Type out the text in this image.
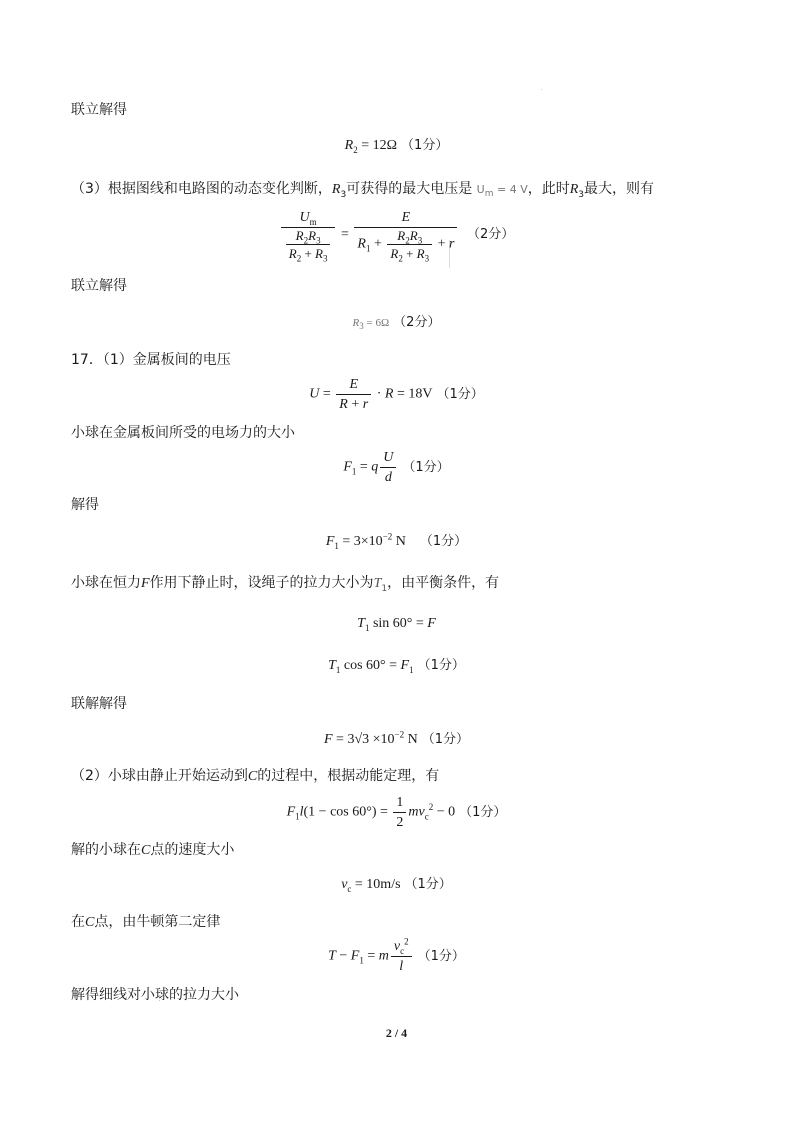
联立解得
$R_2 = 12\Omega$ （1分）
（3）根据图线和电路图的动态变化判断，$R_3$可获得的最大电压是 $U_m = 4$ V，此时$R_3$最大，则有
$\frac{U_m}{\frac{R_2R_3}{R_2 + R_3}} = \frac{E}{R_1 + \frac{R_2R_3}{R_2 + R_3} + r} (2$分）
联立解得
$R_3 = 6\Omega$ （2分）
17．（1）金属板间的电压
$U = \frac{E}{R + r} \cdot R = 18V$ （1分）
小球在金属板间所受的电场力的大小
$F_1 = q \frac{U}{d} (1$分）
解得
$F_1 = 3\times 10^{-2}$ N （1分）
小球在恒力F作用下静止时，设绳子的拉力大小为$T_1$，由平衡条件，有
$T_1$ sin 60° = F
$T_1$ $\cos 60^\circ = F_1$ （1分）
联解解得
$F = 3√3 \times 10^{-2}$ N （1分）
（2）小球由静止开始运动到C的过程中，根据动能定理，有
$F_1l(1 - \cos 60^\circ) = \frac{1}{2} mv_c^2 - 0$ （1分）
解的小球在C点的速度大小
$v_c = 10m/s$ （1分）
在C点，由牛顿第二定律
$T - F_1 = m \frac{v_c^2}{l} (1$分）
解得细线对小球的拉力大小
2 / 4
